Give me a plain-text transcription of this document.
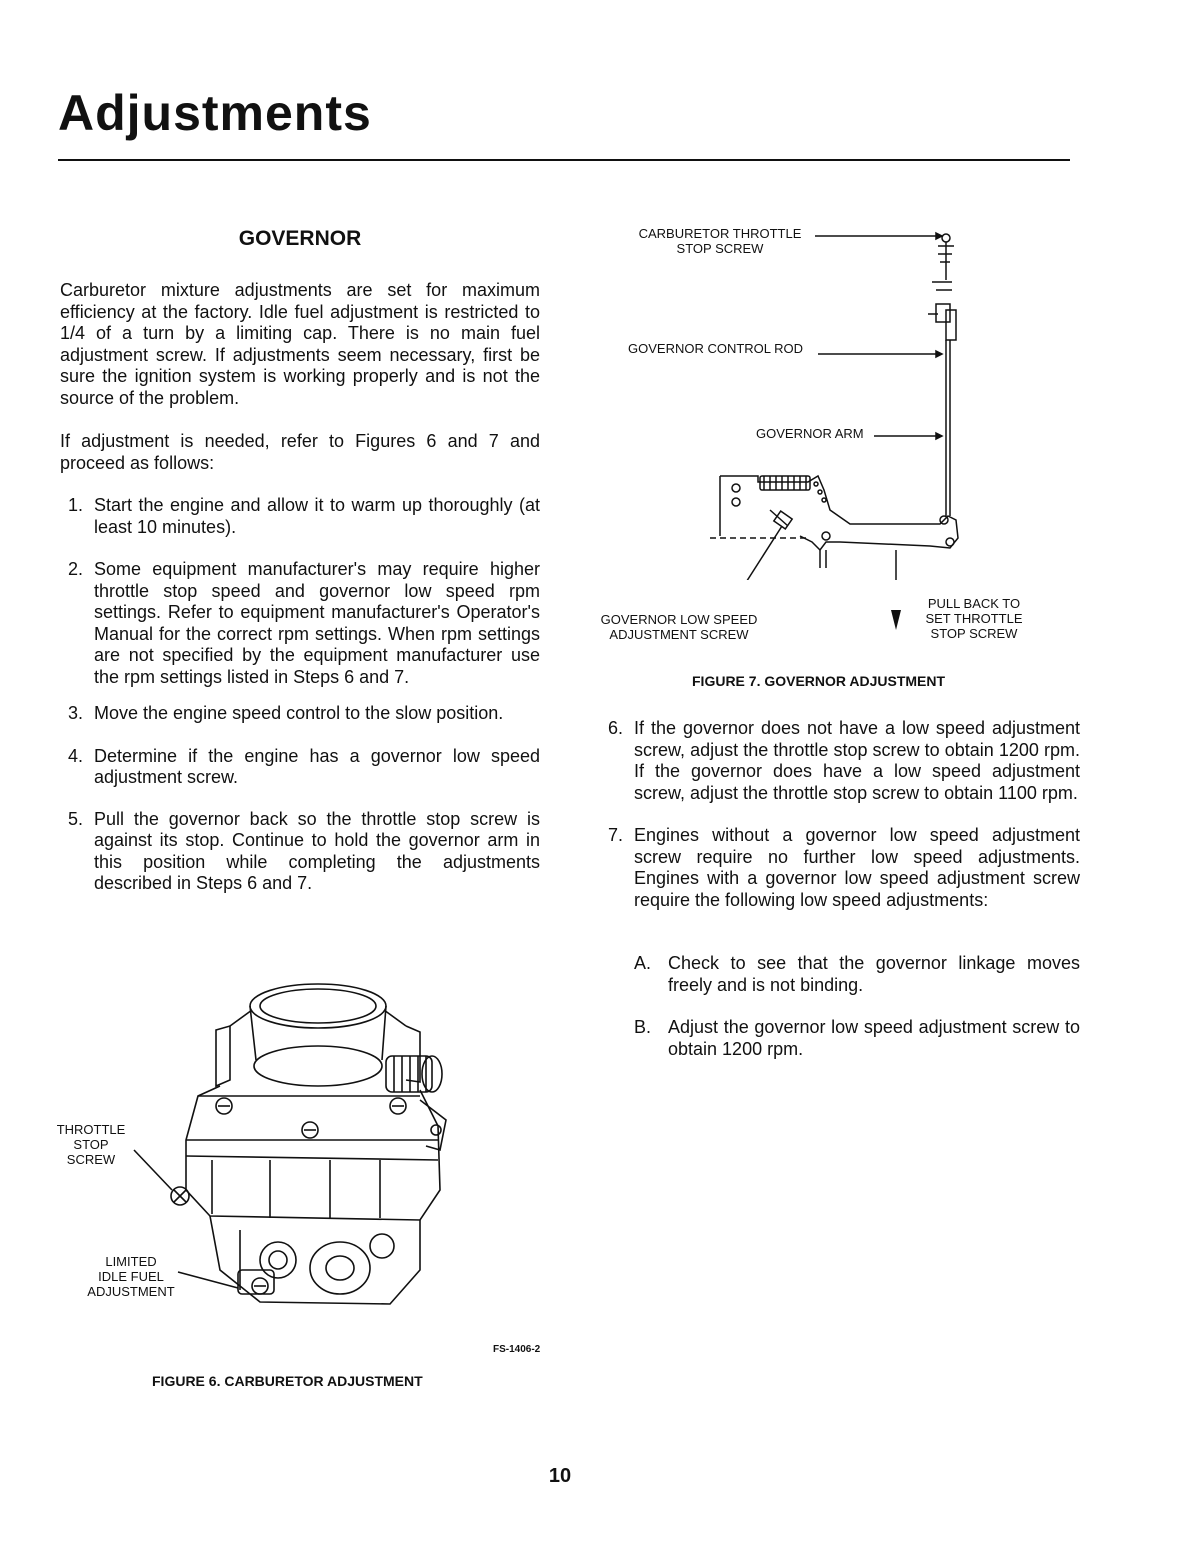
Adjustments
GOVERNOR

Carburetor mixture adjustments are set for maximum efficiency at the factory. Idle fuel adjustment is restricted to 1/4 of a turn by a limiting cap. There is no main fuel adjustment screw. If adjustments seem necessary, first be sure the ignition system is working properly and is not the source of the problem.

If adjustment is needed, refer to Figures 6 and 7 and proceed as follows:

1. Start the engine and allow it to warm up thoroughly (at least 10 minutes).
2. Some equipment manufacturer's may require higher throttle stop speed and governor low speed rpm settings. Refer to equipment manufacturer's Operator's Manual for the correct rpm settings. When rpm settings are not specified by the equipment manufacturer use the rpm settings listed in Steps 6 and 7.
3. Move the engine speed control to the slow position.
4. Determine if the engine has a governor low speed adjustment screw.
5. Pull the governor back so the throttle stop screw is against its stop. Continue to hold the governor arm in this position while completing the adjustments described in Steps 6 and 7.
6. If the governor does not have a low speed adjustment screw, adjust the throttle stop screw to obtain 1200 rpm. If the governor does have a low speed adjustment screw, adjust the throttle stop screw to obtain 1100 rpm.
7. Engines without a governor low speed adjustment screw require no further low speed adjustments. Engines with a governor low speed adjustment screw require the following low speed adjustments:
A. Check to see that the governor linkage moves freely and is not binding.
B. Adjust the governor low speed adjustment screw to obtain 1200 rpm.
CARBURETOR THROTTLE
STOP SCREW
GOVERNOR CONTROL ROD
GOVERNOR ARM
GOVERNOR LOW SPEED
ADJUSTMENT SCREW
PULL BACK TO
SET THROTTLE
STOP SCREW
FIGURE 7. GOVERNOR ADJUSTMENT
THROTTLE
STOP
SCREW
LIMITED
IDLE FUEL
ADJUSTMENT
FS-1406-2
FIGURE 6. CARBURETOR ADJUSTMENT
10
